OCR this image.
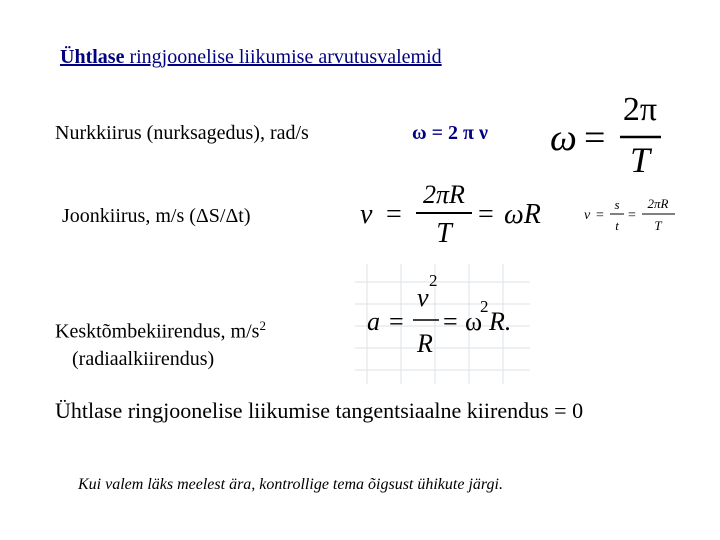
Ühtlase ringjoonelise liikumise arvutusvalemid
Nurkkiirus (nurksagedus), rad/s	ω = 2 π ν ω =
2π
T
Joonkiirus, m/s (ΔS/Δt)	v =
2πR
T
= ωR	v =
s
t
=
2πR
T
Kesktõmbekiirendus, $m/s^2$
(radiaalkiirendus)
a =
v
2
R
= ω
2
R.
Ühtlase ringjoonelise liikumise tangentsiaalne kiirendus = 0
Kui valem läks meelest ära, kontrollige tema õigsust ühikute järgi.
